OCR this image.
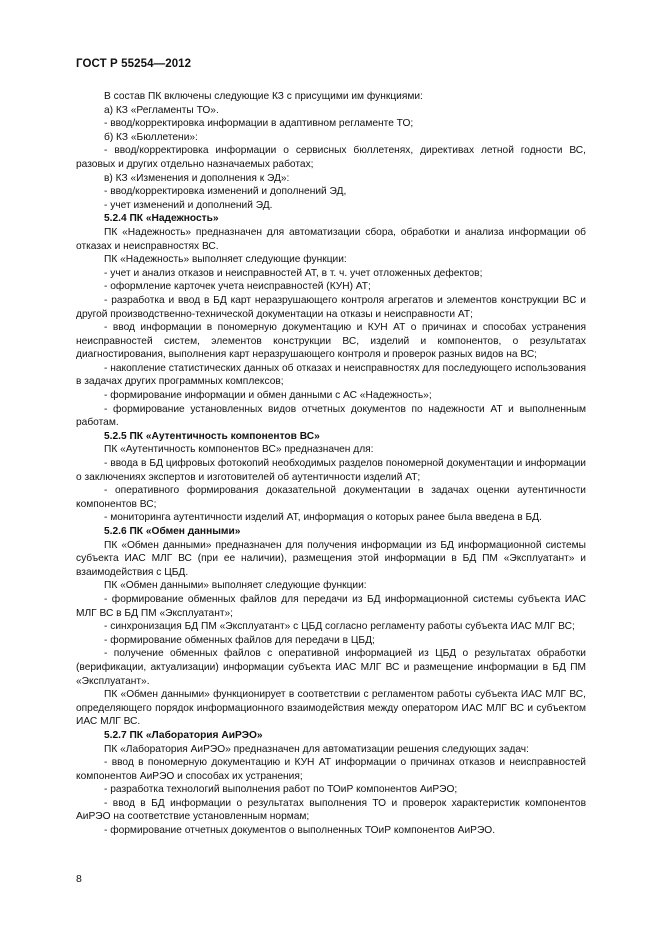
ГОСТ Р 55254—2012

В состав ПК включены следующие КЗ с присущими им функциями:

а) КЗ «Регламенты ТО».

- ввод/корректировка информации в адаптивном регламенте ТО;

б) КЗ «Бюллетени»:

- ввод/корректировка информации о сервисных бюллетенях, директивах летной годности ВС, разовых и других отдельно назначаемых работах;

в) КЗ «Изменения и дополнения к ЭД»:

- ввод/корректировка изменений и дополнений ЭД,

- учет изменений и дополнений ЭД.

5.2.4 ПК «Надежность»

ПК «Надежность» предназначен для автоматизации сбора, обработки и анализа информации об отказах и неисправностях ВС.

ПК «Надежность» выполняет следующие функции:

- учет и анализ отказов и неисправностей АТ, в т. ч. учет отложенных дефектов;

- оформление карточек учета неисправностей (КУН) АТ;

- разработка и ввод в БД карт неразрушающего контроля агрегатов и элементов конструкции ВС и другой производственно-технической документации на отказы и неисправности АТ;

- ввод информации в пономерную документацию и КУН АТ о причинах и способах устранения неисправностей систем, элементов конструкции ВС, изделий и компонентов, о результатах диагностирования, выполнения карт неразрушающего контроля и проверок разных видов на ВС;

- накопление статистических данных об отказах и неисправностях для последующего использования в задачах других программных комплексов;

- формирование информации и обмен данными с АС «Надежность»;

- формирование установленных видов отчетных документов по надежности АТ и выполненным работам.

5.2.5 ПК «Аутентичность компонентов ВС»

ПК «Аутентичность компонентов ВС» предназначен для:

- ввода в БД цифровых фотокопий необходимых разделов пономерной документации и информации о заключениях экспертов и изготовителей об аутентичности изделий АТ;

- оперативного формирования доказательной документации в задачах оценки аутентичности компонентов ВС;

- мониторинга аутентичности изделий АТ, информация о которых ранее была введена в БД.

5.2.6 ПК «Обмен данными»

ПК «Обмен данными» предназначен для получения информации из БД информационной системы субъекта ИАС МЛГ ВС (при ее наличии), размещения этой информации в БД ПМ «Эксплуатант» и взаимодействия с ЦБД.

ПК «Обмен данными» выполняет следующие функции:

- формирование обменных файлов для передачи из БД информационной системы субъекта ИАС МЛГ ВС в БД ПМ «Эксплуатант»;

- синхронизация БД ПМ «Эксплуатант» с ЦБД согласно регламенту работы субъекта ИАС МЛГ ВС;

- формирование обменных файлов для передачи в ЦБД;

- получение обменных файлов с оперативной информацией из ЦБД о результатах обработки (верификации, актуализации) информации субъекта ИАС МЛГ ВС и размещение информации в БД ПМ «Эксплуатант».

ПК «Обмен данными» функционирует в соответствии с регламентом работы субъекта ИАС МЛГ ВС, определяющего порядок информационного взаимодействия между оператором ИАС МЛГ ВС и субъектом ИАС МЛГ ВС.

5.2.7 ПК «Лаборатория АиРЭО»

ПК «Лаборатория АиРЭО» предназначен для автоматизации решения следующих задач:

- ввод в пономерную документацию и КУН АТ информации о причинах отказов и неисправностей компонентов АиРЭО и способах их устранения;

- разработка технологий выполнения работ по ТОиР компонентов АиРЭО;

- ввод в БД информации о результатах выполнения ТО и проверок характеристик компонентов АиРЭО на соответствие установленным нормам;

- формирование отчетных документов о выполненных ТОиР компонентов АиРЭО.

8
